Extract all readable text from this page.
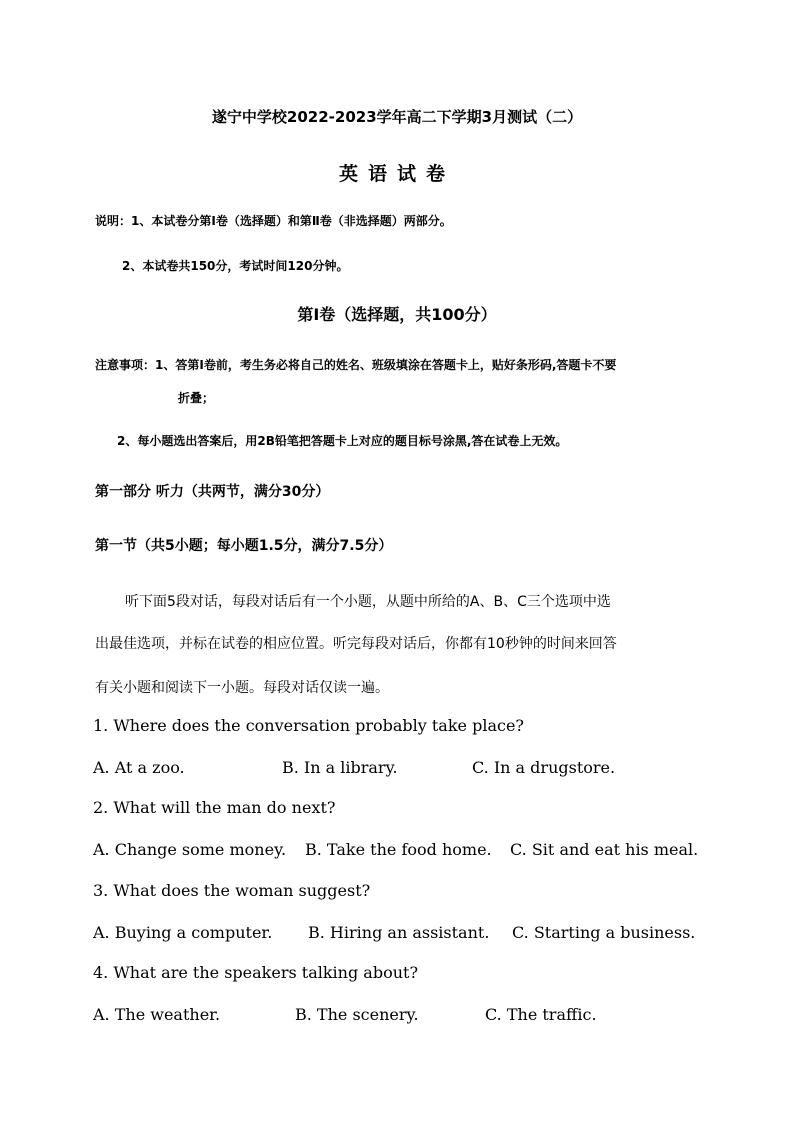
遂宁中学校2022-2023学年高二下学期3月测试（二）
英语试卷
说明：1、本试卷分第Ⅰ卷（选择题）和第Ⅱ卷（非选择题）两部分。
2、本试卷共150分，考试时间120分钟。
第Ⅰ卷（选择题，共100分）
注意事项：1、答第Ⅰ卷前，考生务必将自己的姓名、班级填涂在答题卡上，贴好条形码,答题卡不要
折叠；
2、每小题选出答案后，用2B铅笔把答题卡上对应的题目标号涂黑,答在试卷上无效。
第一部分 听力（共两节，满分30分）
第一节（共5小题；每小题1.5分，满分7.5分）
听下面5段对话，每段对话后有一个小题，从题中所给的A、B、C三个选项中选
出最佳选项，并标在试卷的相应位置。听完每段对话后，你都有10秒钟的时间来回答
有关小题和阅读下一小题。每段对话仅读一遍。
1. Where does the conversation probably take place?
A. At a zoo.	B. In a library.	C. In a drugstore.
2. What will the man do next?
A. Change some money. B. Take the food home. C. Sit and eat his meal.
3. What does the woman suggest?
A. Buying a computer. B. Hiring an assistant. C. Starting a business.
4. What are the speakers talking about?
A. The weather.	B. The scenery.	C. The traffic.
